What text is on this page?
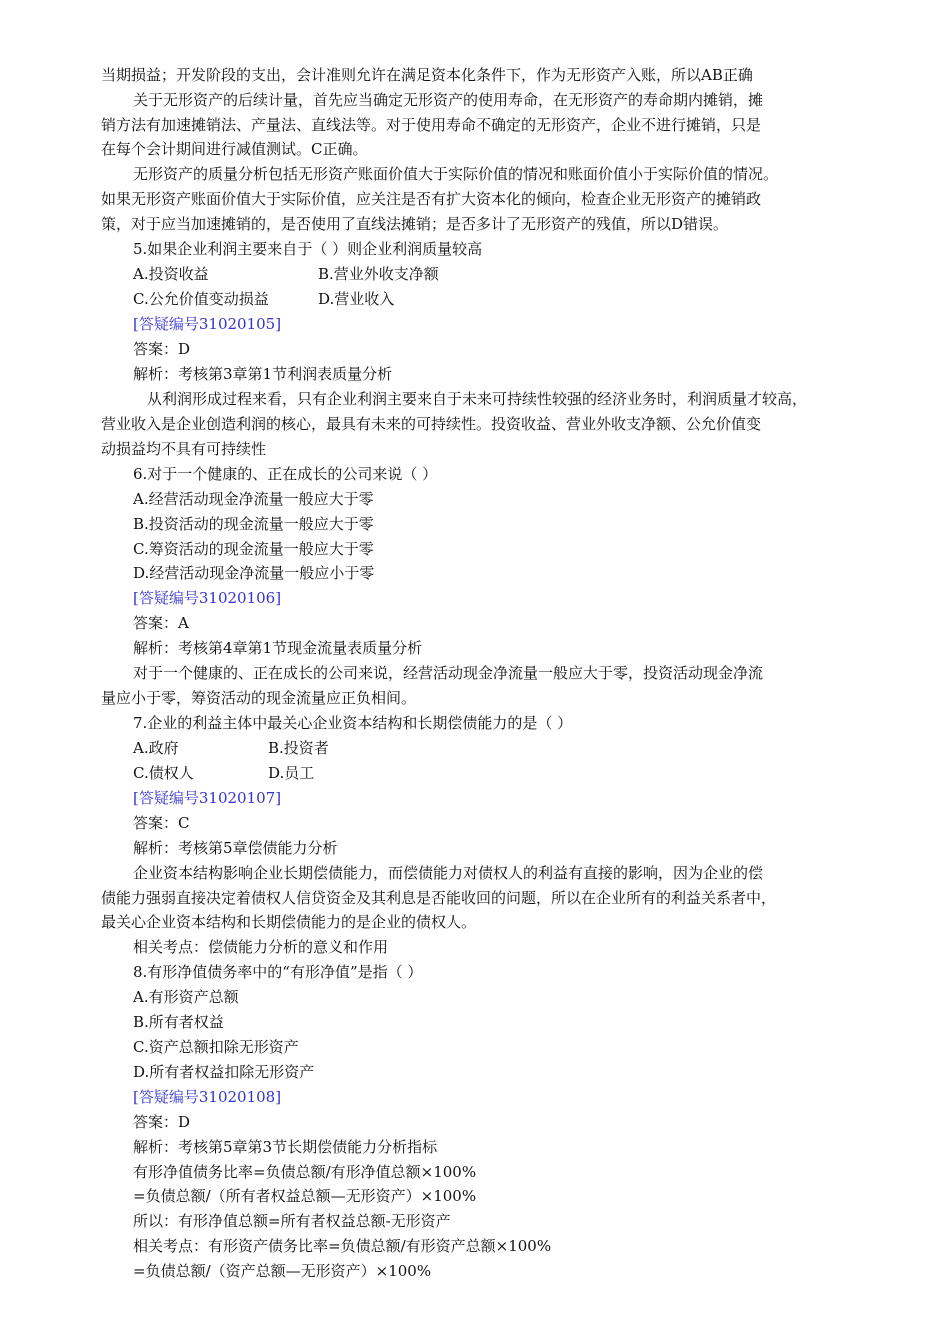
当期损益；开发阶段的支出，会计准则允许在满足资本化条件下，作为无形资产入账，所以AB正确
关于无形资产的后续计量，首先应当确定无形资产的使用寿命，在无形资产的寿命期内摊销，摊
销方法有加速摊销法、产量法、直线法等。对于使用寿命不确定的无形资产，企业不进行摊销，只是
在每个会计期间进行减值测试。C正确。
无形资产的质量分析包括无形资产账面价值大于实际价值的情况和账面价值小于实际价值的情况。
如果无形资产账面价值大于实际价值，应关注是否有扩大资本化的倾向，检查企业无形资产的摊销政
策，对于应当加速摊销的，是否使用了直线法摊销；是否多计了无形资产的残值，所以D错误。
5.如果企业利润主要来自于（ ）则企业利润质量较高
A.投资收益	B.营业外收支净额
C.公允价值变动损益	D.营业收入
[答疑编号31020105]
答案：D
解析：考核第3章第1节利润表质量分析
从利润形成过程来看，只有企业利润主要来自于未来可持续性较强的经济业务时，利润质量才较高，
营业收入是企业创造利润的核心，最具有未来的可持续性。投资收益、营业外收支净额、公允价值变
动损益均不具有可持续性
6.对于一个健康的、正在成长的公司来说（ ）
A.经营活动现金净流量一般应大于零
B.投资活动的现金流量一般应大于零
C.筹资活动的现金流量一般应大于零
D.经营活动现金净流量一般应小于零
[答疑编号31020106]
答案：A
解析：考核第4章第1节现金流量表质量分析
对于一个健康的、正在成长的公司来说，经营活动现金净流量一般应大于零，投资活动现金净流
量应小于零，筹资活动的现金流量应正负相间。
7.企业的利益主体中最关心企业资本结构和长期偿债能力的是（ ）
A.政府	B.投资者
C.债权人	D.员工
[答疑编号31020107]
答案：C
解析：考核第5章偿债能力分析
企业资本结构影响企业长期偿债能力，而偿债能力对债权人的利益有直接的影响，因为企业的偿
债能力强弱直接决定着债权人信贷资金及其利息是否能收回的问题，所以在企业所有的利益关系者中，
最关心企业资本结构和长期偿债能力的是企业的债权人。
相关考点：偿债能力分析的意义和作用
8.有形净值债务率中的“有形净值”是指（ ）
A.有形资产总额
B.所有者权益
C.资产总额扣除无形资产
D.所有者权益扣除无形资产
[答疑编号31020108]
答案：D
解析：考核第5章第3节长期偿债能力分析指标
有形净值债务比率=负债总额/有形净值总额×100%
=负债总额/（所有者权益总额—无形资产）×100%
所以：有形净值总额=所有者权益总额-无形资产
相关考点：有形资产债务比率=负债总额/有形资产总额×100%
=负债总额/（资产总额—无形资产）×100%
